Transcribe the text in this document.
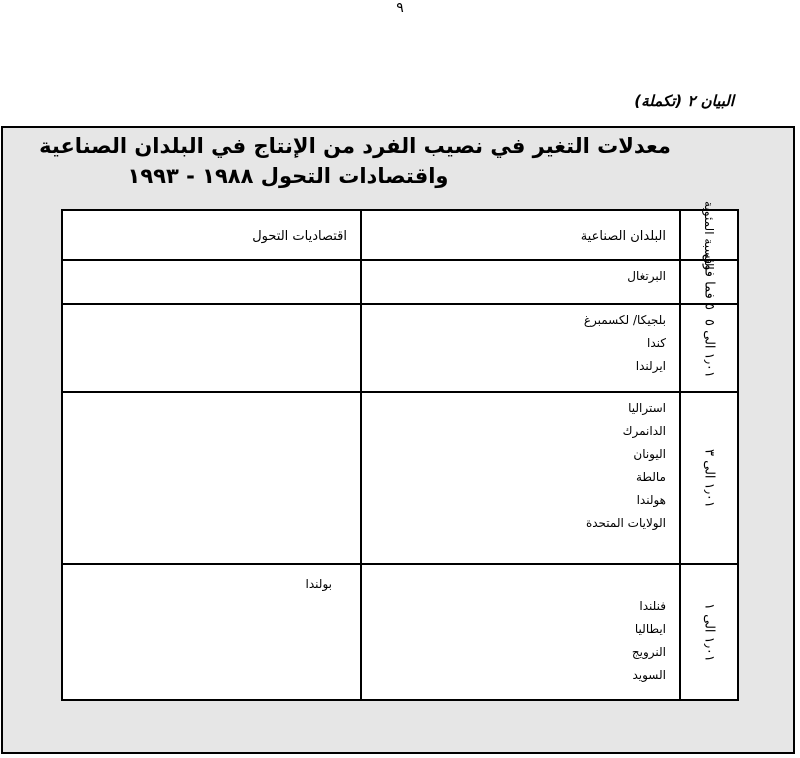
٩
البيان ٢ (تكملة)
معدلات التغير في نصيب الفرد من الإنتاج في البلدان الصناعية
واقتصادات التحول ١٩٨٨ - ١٩٩٣
النسبة المئوية
البلدان الصناعية
اقتصاديات التحول
٥ فما فوق
البرتغال
١٫٠١ الى ٥
بلجيكا/ لكسمبرغ
كندا
ايرلندا
١٫٠١ الى ٣
استراليا
الدانمرك
اليونان
مالطة
هولندا
الولايات المتحدة
١٫٠١ الى ١
فنلندا
ايطاليا
النرويج
السويد
بولندا
